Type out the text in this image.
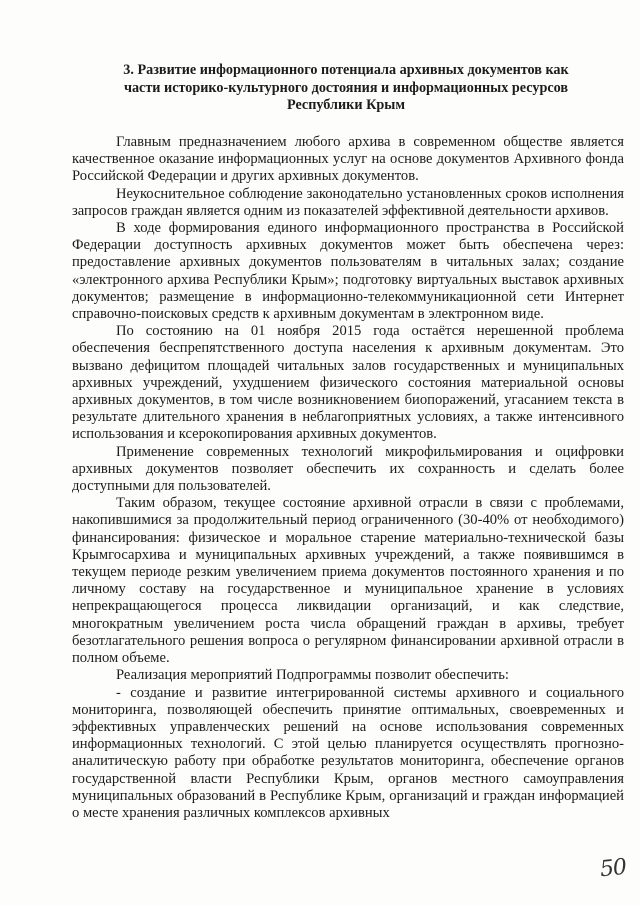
3. Развитие информационного потенциала архивных документов как
части историко-культурного достояния и информационных ресурсов
Республики Крым

Главным предназначением любого архива в современном обществе является качественное оказание информационных услуг на основе документов Архивного фонда Российской Федерации и других архивных документов.

Неукоснительное соблюдение законодательно установленных сроков исполнения запросов граждан является одним из показателей эффективной деятельности архивов.

В ходе формирования единого информационного пространства в Российской Федерации доступность архивных документов может быть обеспечена через: предоставление архивных документов пользователям в читальных залах; создание «электронного архива Республики Крым»; подготовку виртуальных выставок архивных документов; размещение в информационно-телекоммуникационной сети Интернет справочно-поисковых средств к архивным документам в электронном виде.

По состоянию на 01 ноября 2015 года остаётся нерешенной проблема обеспечения беспрепятственного доступа населения к архивным документам. Это вызвано дефицитом площадей читальных залов государственных и муниципальных архивных учреждений, ухудшением физического состояния материальной основы архивных документов, в том числе возникновением биопоражений, угасанием текста в результате длительного хранения в неблагоприятных условиях, а также интенсивного использования и ксерокопирования архивных документов.

Применение современных технологий микрофильмирования и оцифровки архивных документов позволяет обеспечить их сохранность и сделать более доступными для пользователей.

Таким образом, текущее состояние архивной отрасли в связи с проблемами, накопившимися за продолжительный период ограниченного (30-40% от необходимого) финансирования: физическое и моральное старение материально-технической базы Крымгосархива и муниципальных архивных учреждений, а также появившимся в текущем периоде резким увеличением приема документов постоянного хранения и по личному составу на государственное и муниципальное хранение в условиях непрекращающегося процесса ликвидации организаций, и как следствие, многократным увеличением роста числа обращений граждан в архивы, требует безотлагательного решения вопроса о регулярном финансировании архивной отрасли в полном объеме.

Реализация мероприятий Подпрограммы позволит обеспечить:

- создание и развитие интегрированной системы архивного и социального мониторинга, позволяющей обеспечить принятие оптимальных, своевременных и эффективных управленческих решений на основе использования современных информационных технологий. С этой целью планируется осуществлять прогнозно-аналитическую работу при обработке результатов мониторинга, обеспечение органов государственной власти Республики Крым, органов местного самоуправления муниципальных образований в Республике Крым, организаций и граждан информацией о месте хранения различных комплексов архивных

50
